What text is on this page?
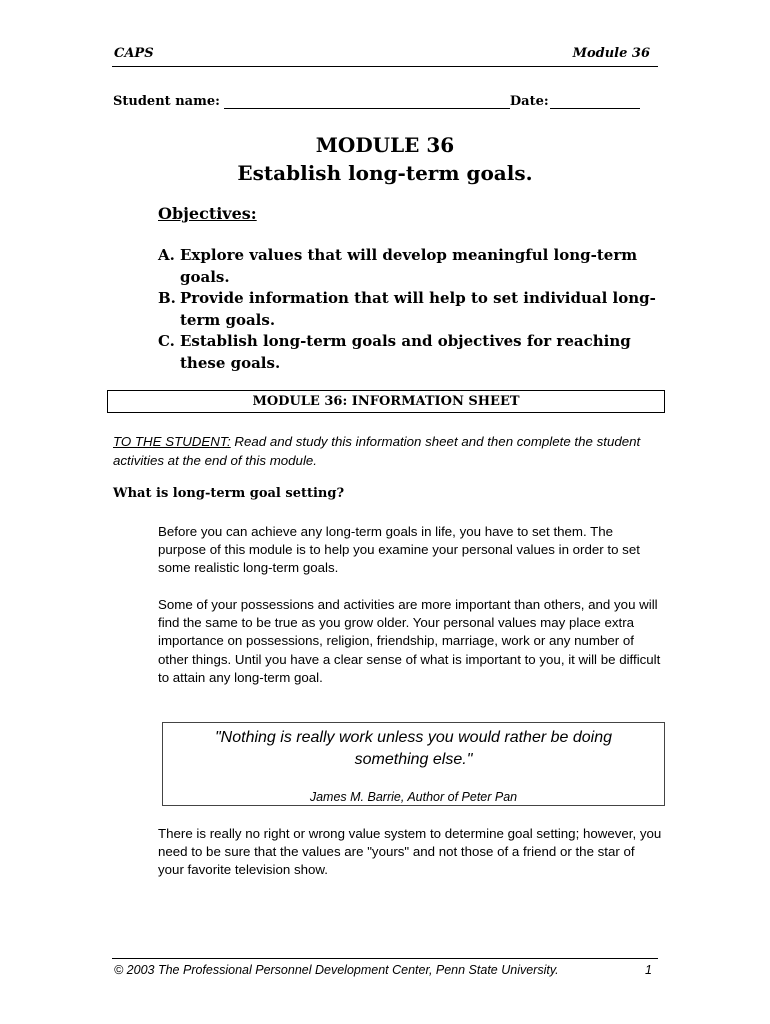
CAPS	Module 36
Student name:	Date:
MODULE 36
Establish long-term goals.
Objectives:
A. Explore values that will develop meaningful long-term goals.
B. Provide information that will help to set individual long-term goals.
C. Establish long-term goals and objectives for reaching these goals.
MODULE 36: INFORMATION SHEET
TO THE STUDENT: Read and study this information sheet and then complete the student activities at the end of this module.
What is long-term goal setting?
Before you can achieve any long-term goals in life, you have to set them. The purpose of this module is to help you examine your personal values in order to set some realistic long-term goals.
Some of your possessions and activities are more important than others, and you will find the same to be true as you grow older. Your personal values may place extra importance on possessions, religion, friendship, marriage, work or any number of other things. Until you have a clear sense of what is important to you, it will be difficult to attain any long-term goal.
"Nothing is really work unless you would rather be doing something else."
James M. Barrie, Author of Peter Pan
There is really no right or wrong value system to determine goal setting; however, you need to be sure that the values are "yours" and not those of a friend or the star of your favorite television show.
© 2003 The Professional Personnel Development Center, Penn State University.	1
